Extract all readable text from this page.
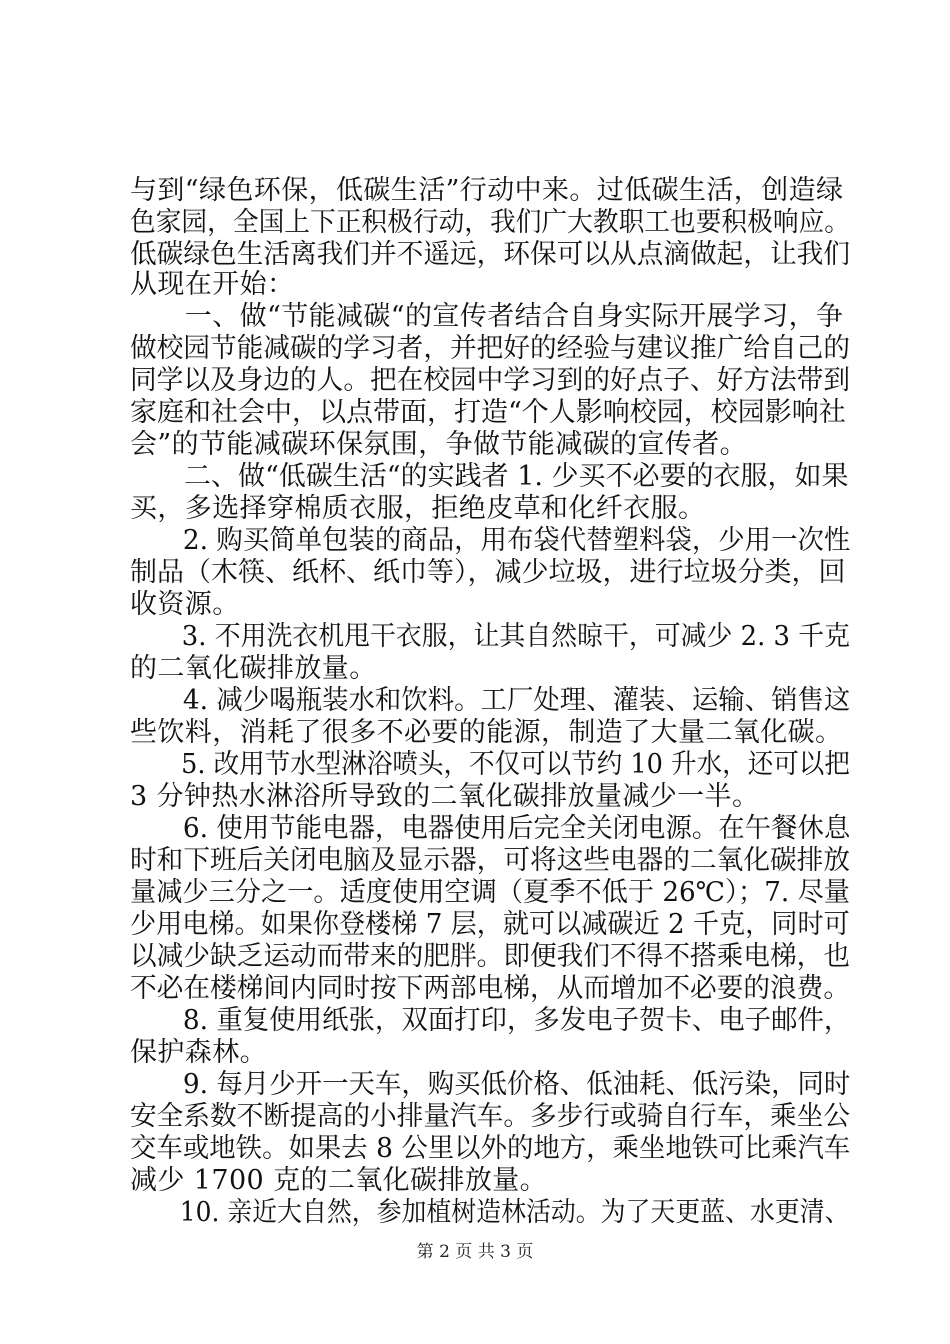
与到“绿色环保，低碳生活”行动中来。过低碳生活，创造绿
色家园，全国上下正积极行动，我们广大教职工也要积极响应。
低碳绿色生活离我们并不遥远，环保可以从点滴做起，让我们
从现在开始：
　　一、做“节能减碳“的宣传者结合自身实际开展学习，争
做校园节能减碳的学习者，并把好的经验与建议推广给自己的
同学以及身边的人。把在校园中学习到的好点子、好方法带到
家庭和社会中，以点带面，打造“个人影响校园，校园影响社
会”的节能减碳环保氛围，争做节能减碳的宣传者。
　　二、做“低碳生活“的实践者 1. 少买不必要的衣服，如果
买，多选择穿棉质衣服，拒绝皮草和化纤衣服。
　　2. 购买简单包装的商品，用布袋代替塑料袋，少用一次性
制品（木筷、纸杯、纸巾等），减少垃圾，进行垃圾分类，回
收资源。
　　3. 不用洗衣机甩干衣服，让其自然晾干，可减少 2. 3 千克
的二氧化碳排放量。
　　4. 减少喝瓶装水和饮料。工厂处理、灌装、运输、销售这
些饮料，消耗了很多不必要的能源，制造了大量二氧化碳。
　　5. 改用节水型淋浴喷头，不仅可以节约 10 升水，还可以把
3 分钟热水淋浴所导致的二氧化碳排放量减少一半。
　　6. 使用节能电器，电器使用后完全关闭电源。在午餐休息
时和下班后关闭电脑及显示器，可将这些电器的二氧化碳排放
量减少三分之一。适度使用空调（夏季不低于 26℃）；7. 尽量
少用电梯。如果你登楼梯 7 层，就可以减碳近 2 千克，同时可
以减少缺乏运动而带来的肥胖。即便我们不得不搭乘电梯，也
不必在楼梯间内同时按下两部电梯，从而增加不必要的浪费。
　　8. 重复使用纸张，双面打印，多发电子贺卡、电子邮件，
保护森林。
　　9. 每月少开一天车，购买低价格、低油耗、低污染，同时
安全系数不断提高的小排量汽车。多步行或骑自行车，乘坐公
交车或地铁。如果去 8 公里以外的地方，乘坐地铁可比乘汽车
减少 1700 克的二氧化碳排放量。
　　10. 亲近大自然，参加植树造林活动。为了天更蓝、水更清、
第 2 页 共 3 页
